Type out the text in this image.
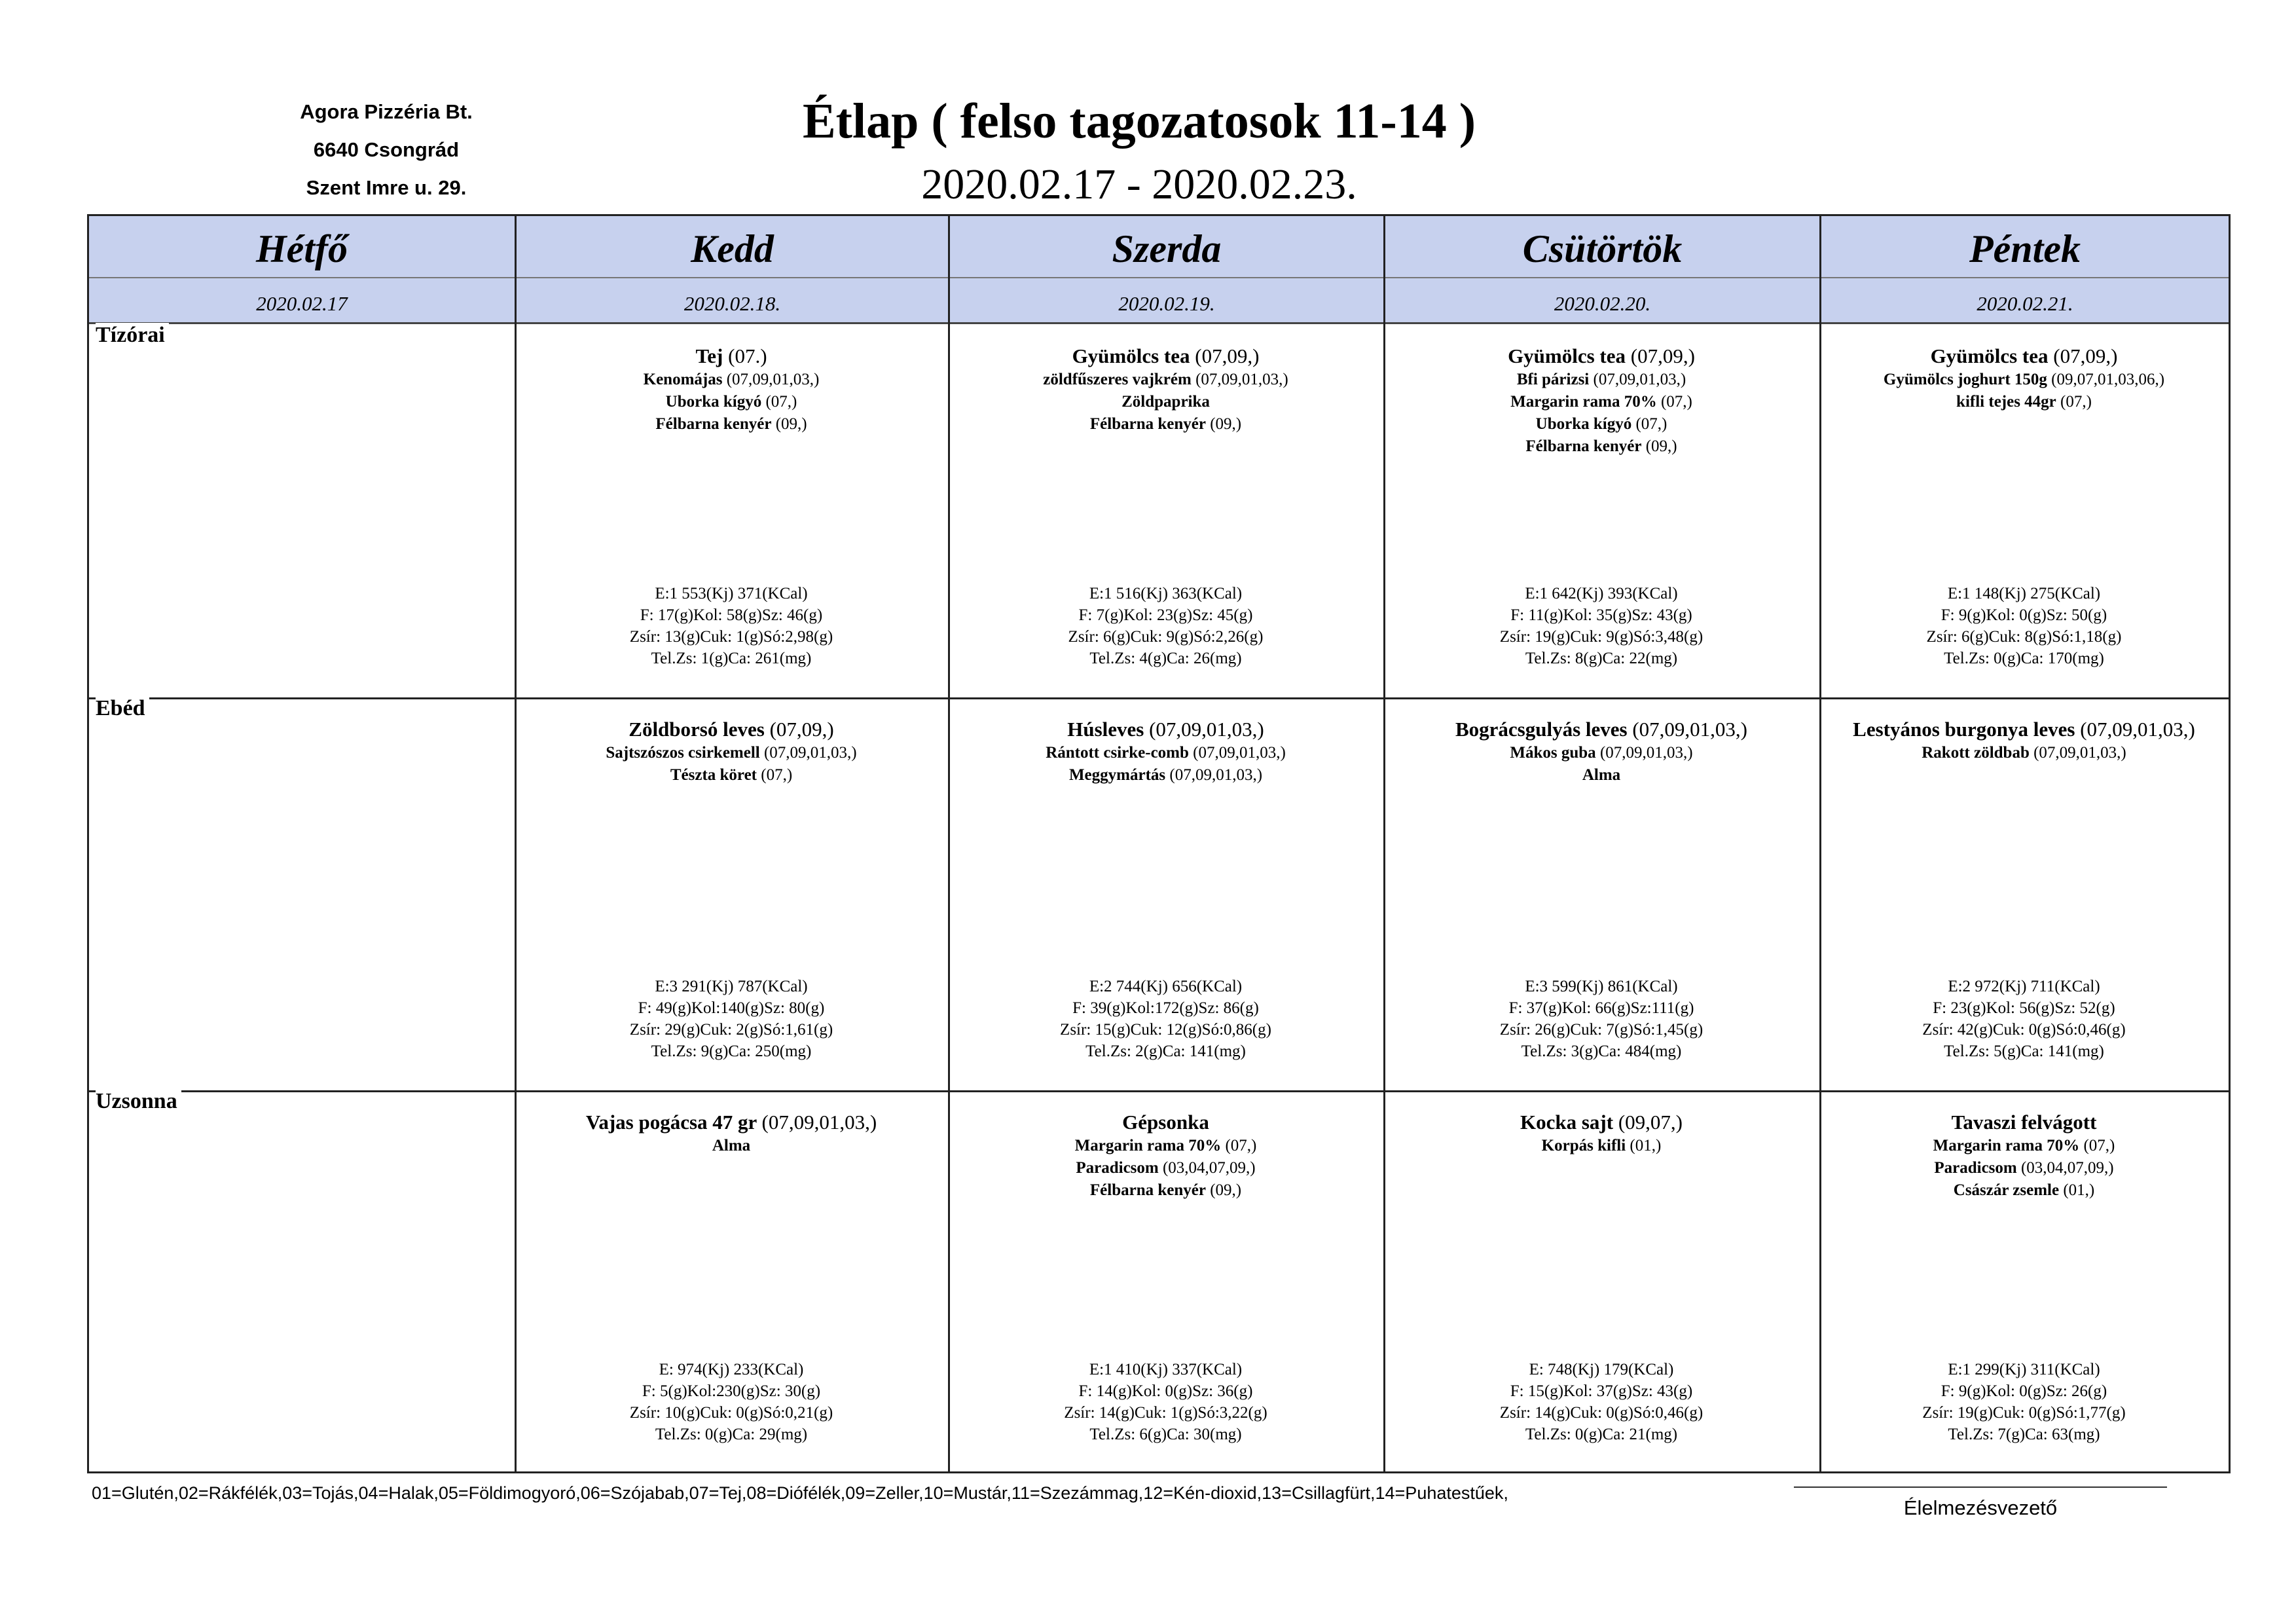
Agora Pizzéria Bt.
6640 Csongrád
Szent Imre u. 29.
Étlap ( felso tagozatosok 11-14 )
2020.02.17 - 2020.02.23.
Hétfő
2020.02.17
Kedd
2020.02.18.
Szerda
2020.02.19.
Csütörtök
2020.02.20.
Péntek
2020.02.21.
Tízórai
Tej (07.)
Kenomájas (07,09,01,03,)
Uborka kígyó (07,)
Félbarna kenyér (09,)
E:1 553(Kj) 371(KCal)
F: 17(g)Kol: 58(g)Sz: 46(g)
Zsír: 13(g)Cuk: 1(g)Só:2,98(g)
Tel.Zs: 1(g)Ca: 261(mg)
Gyümölcs tea (07,09,)
zöldfűszeres vajkrém (07,09,01,03,)
Zöldpaprika
Félbarna kenyér (09,)
E:1 516(Kj) 363(KCal)
F: 7(g)Kol: 23(g)Sz: 45(g)
Zsír: 6(g)Cuk: 9(g)Só:2,26(g)
Tel.Zs: 4(g)Ca: 26(mg)
Gyümölcs tea (07,09,)
Bfi párizsi (07,09,01,03,)
Margarin rama 70% (07,)
Uborka kígyó (07,)
Félbarna kenyér (09,)
E:1 642(Kj) 393(KCal)
F: 11(g)Kol: 35(g)Sz: 43(g)
Zsír: 19(g)Cuk: 9(g)Só:3,48(g)
Tel.Zs: 8(g)Ca: 22(mg)
Gyümölcs tea (07,09,)
Gyümölcs joghurt 150g (09,07,01,03,06,)
kifli tejes 44gr (07,)
E:1 148(Kj) 275(KCal)
F: 9(g)Kol: 0(g)Sz: 50(g)
Zsír: 6(g)Cuk: 8(g)Só:1,18(g)
Tel.Zs: 0(g)Ca: 170(mg)
Ebéd
Zöldborsó leves (07,09,)
Sajtszószos csirkemell (07,09,01,03,)
Tészta köret (07,)
E:3 291(Kj) 787(KCal)
F: 49(g)Kol:140(g)Sz: 80(g)
Zsír: 29(g)Cuk: 2(g)Só:1,61(g)
Tel.Zs: 9(g)Ca: 250(mg)
Húsleves (07,09,01,03,)
Rántott csirke-comb (07,09,01,03,)
Meggymártás (07,09,01,03,)
E:2 744(Kj) 656(KCal)
F: 39(g)Kol:172(g)Sz: 86(g)
Zsír: 15(g)Cuk: 12(g)Só:0,86(g)
Tel.Zs: 2(g)Ca: 141(mg)
Bográcsgulyás leves (07,09,01,03,)
Mákos guba (07,09,01,03,)
Alma
E:3 599(Kj) 861(KCal)
F: 37(g)Kol: 66(g)Sz:111(g)
Zsír: 26(g)Cuk: 7(g)Só:1,45(g)
Tel.Zs: 3(g)Ca: 484(mg)
Lestyános burgonya leves (07,09,01,03,)
Rakott zöldbab (07,09,01,03,)
E:2 972(Kj) 711(KCal)
F: 23(g)Kol: 56(g)Sz: 52(g)
Zsír: 42(g)Cuk: 0(g)Só:0,46(g)
Tel.Zs: 5(g)Ca: 141(mg)
Uzsonna
Vajas pogácsa 47 gr (07,09,01,03,)
Alma
E: 974(Kj) 233(KCal)
F: 5(g)Kol:230(g)Sz: 30(g)
Zsír: 10(g)Cuk: 0(g)Só:0,21(g)
Tel.Zs: 0(g)Ca: 29(mg)
Gépsonka
Margarin rama 70% (07,)
Paradicsom (03,04,07,09,)
Félbarna kenyér (09,)
E:1 410(Kj) 337(KCal)
F: 14(g)Kol: 0(g)Sz: 36(g)
Zsír: 14(g)Cuk: 1(g)Só:3,22(g)
Tel.Zs: 6(g)Ca: 30(mg)
Kocka sajt (09,07,)
Korpás kifli (01,)
E: 748(Kj) 179(KCal)
F: 15(g)Kol: 37(g)Sz: 43(g)
Zsír: 14(g)Cuk: 0(g)Só:0,46(g)
Tel.Zs: 0(g)Ca: 21(mg)
Tavaszi felvágott
Margarin rama 70% (07,)
Paradicsom (03,04,07,09,)
Császár zsemle (01,)
E:1 299(Kj) 311(KCal)
F: 9(g)Kol: 0(g)Sz: 26(g)
Zsír: 19(g)Cuk: 0(g)Só:1,77(g)
Tel.Zs: 7(g)Ca: 63(mg)
01=Glutén,02=Rákfélék,03=Tojás,04=Halak,05=Földimogyoró,06=Szójabab,07=Tej,08=Diófélék,09=Zeller,10=Mustár,11=Szezámmag,12=Kén-dioxid,13=Csillagfürt,14=Puhatestűek,
Élelmezésvezető
